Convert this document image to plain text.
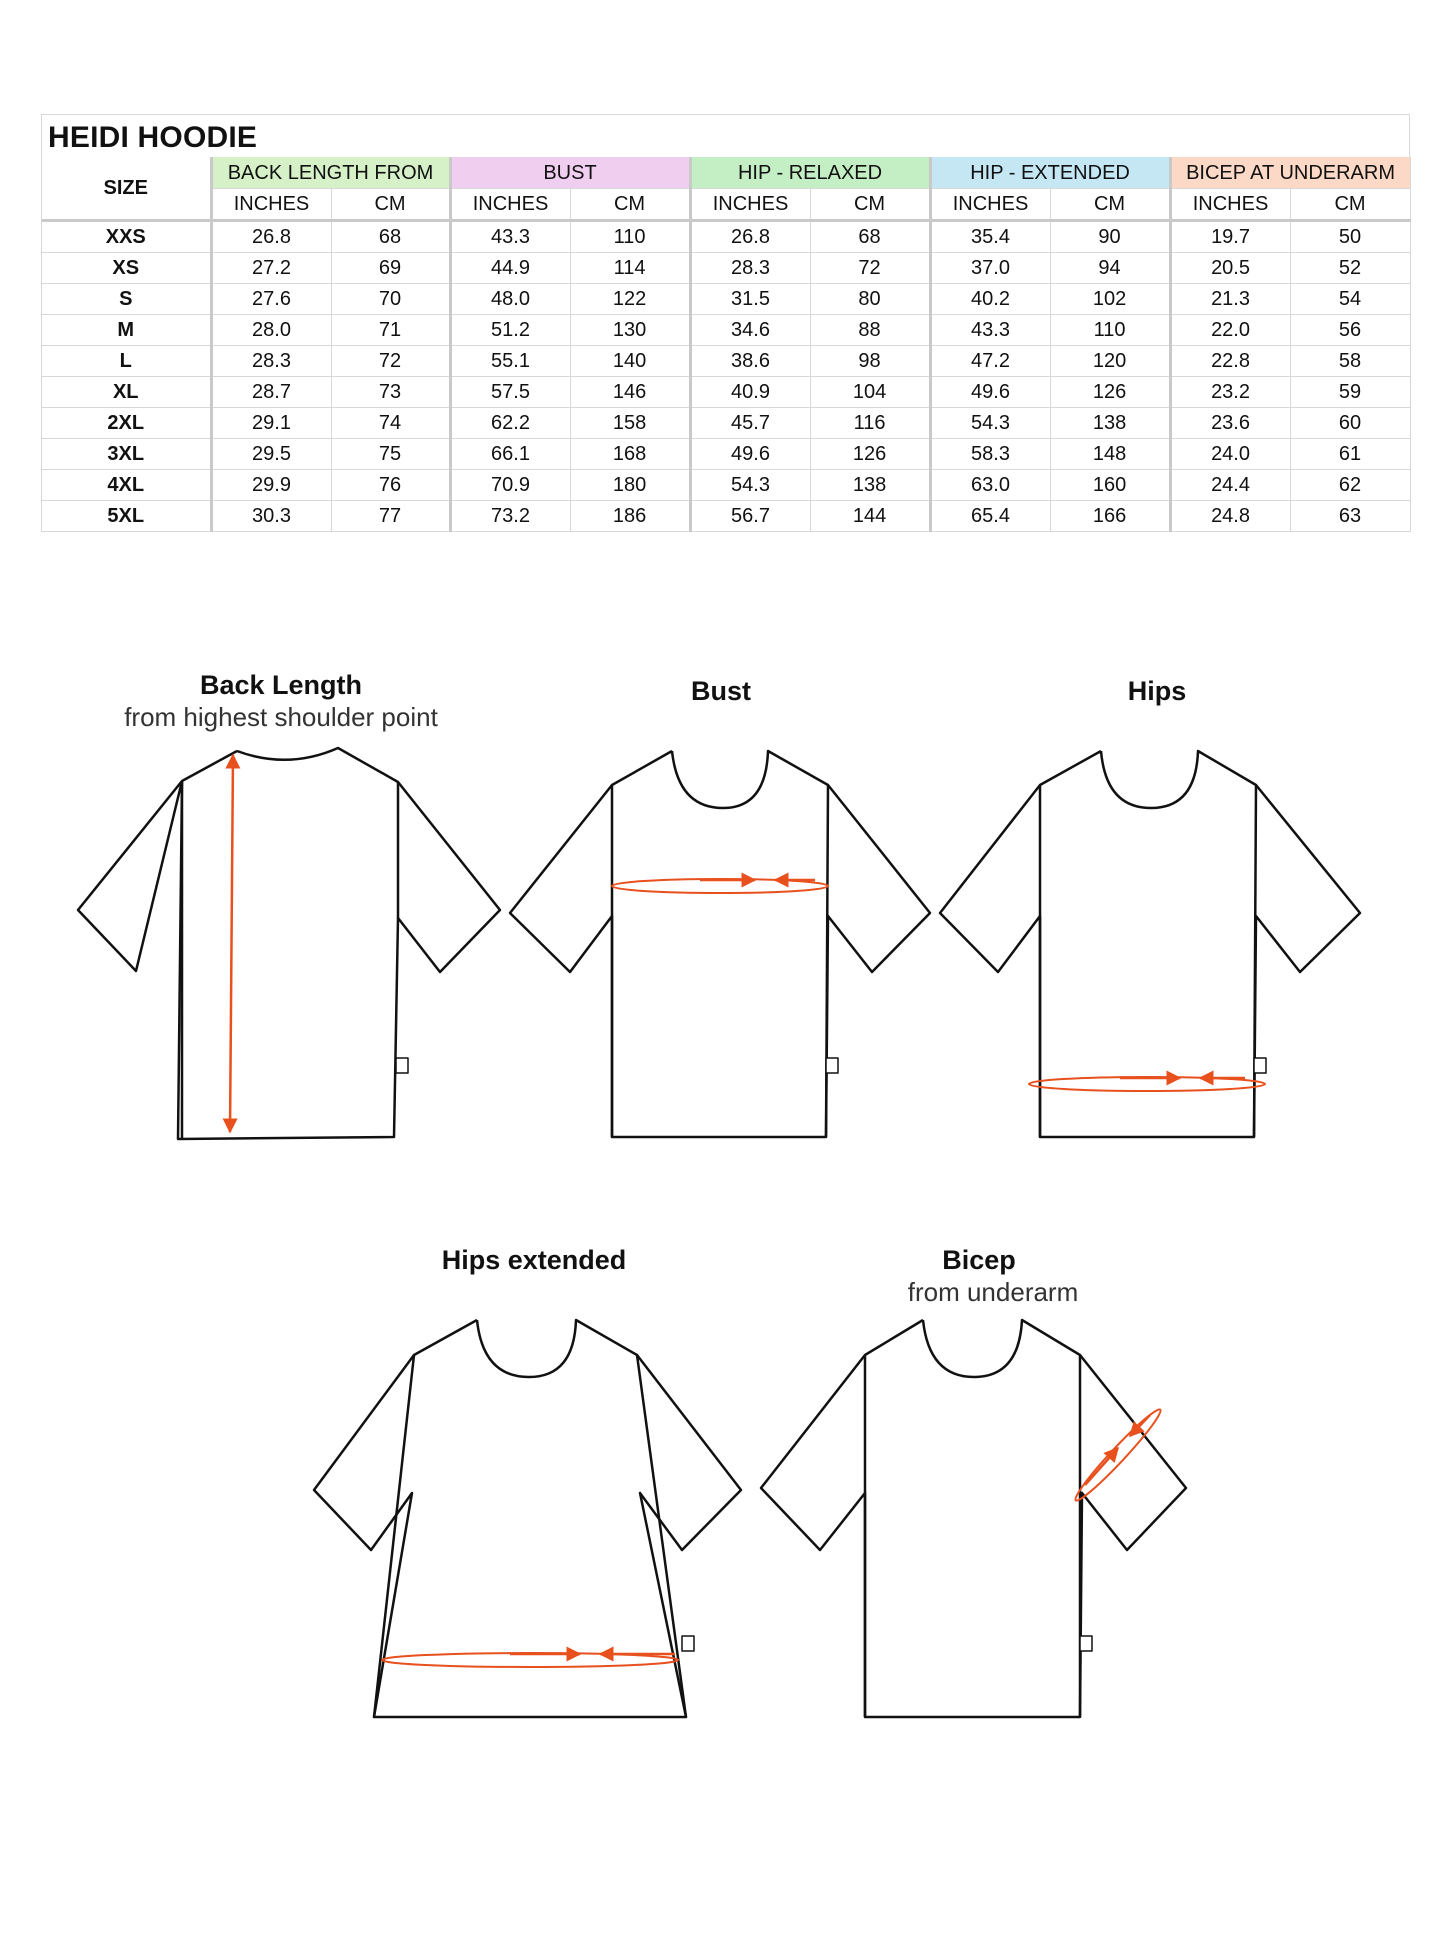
HEIDI HOODIE
SIZE	BACK LENGTH FROM		BUST		HIP - RELAXED		HIP - EXTENDED		BICEP AT UNDERARM	
	INCHES	CM	INCHES	CM	INCHES	CM	INCHES	CM	INCHES	CM
XXS	26.8	68	43.3	110	26.8	68	35.4	90	19.7	50
XS	27.2	69	44.9	114	28.3	72	37.0	94	20.5	52
S	27.6	70	48.0	122	31.5	80	40.2	102	21.3	54
M	28.0	71	51.2	130	34.6	88	43.3	110	22.0	56
L	28.3	72	55.1	140	38.6	98	47.2	120	22.8	58
XL	28.7	73	57.5	146	40.9	104	49.6	126	23.2	59
2XL	29.1	74	62.2	158	45.7	116	54.3	138	23.6	60
3XL	29.5	75	66.1	168	49.6	126	58.3	148	24.0	61
4XL	29.9	76	70.9	180	54.3	138	63.0	160	24.4	62
5XL	30.3	77	73.2	186	56.7	144	65.4	166	24.8	63
Back Length
from highest shoulder point
Bust	Hips
Hips extended	Bicep
from underarm
